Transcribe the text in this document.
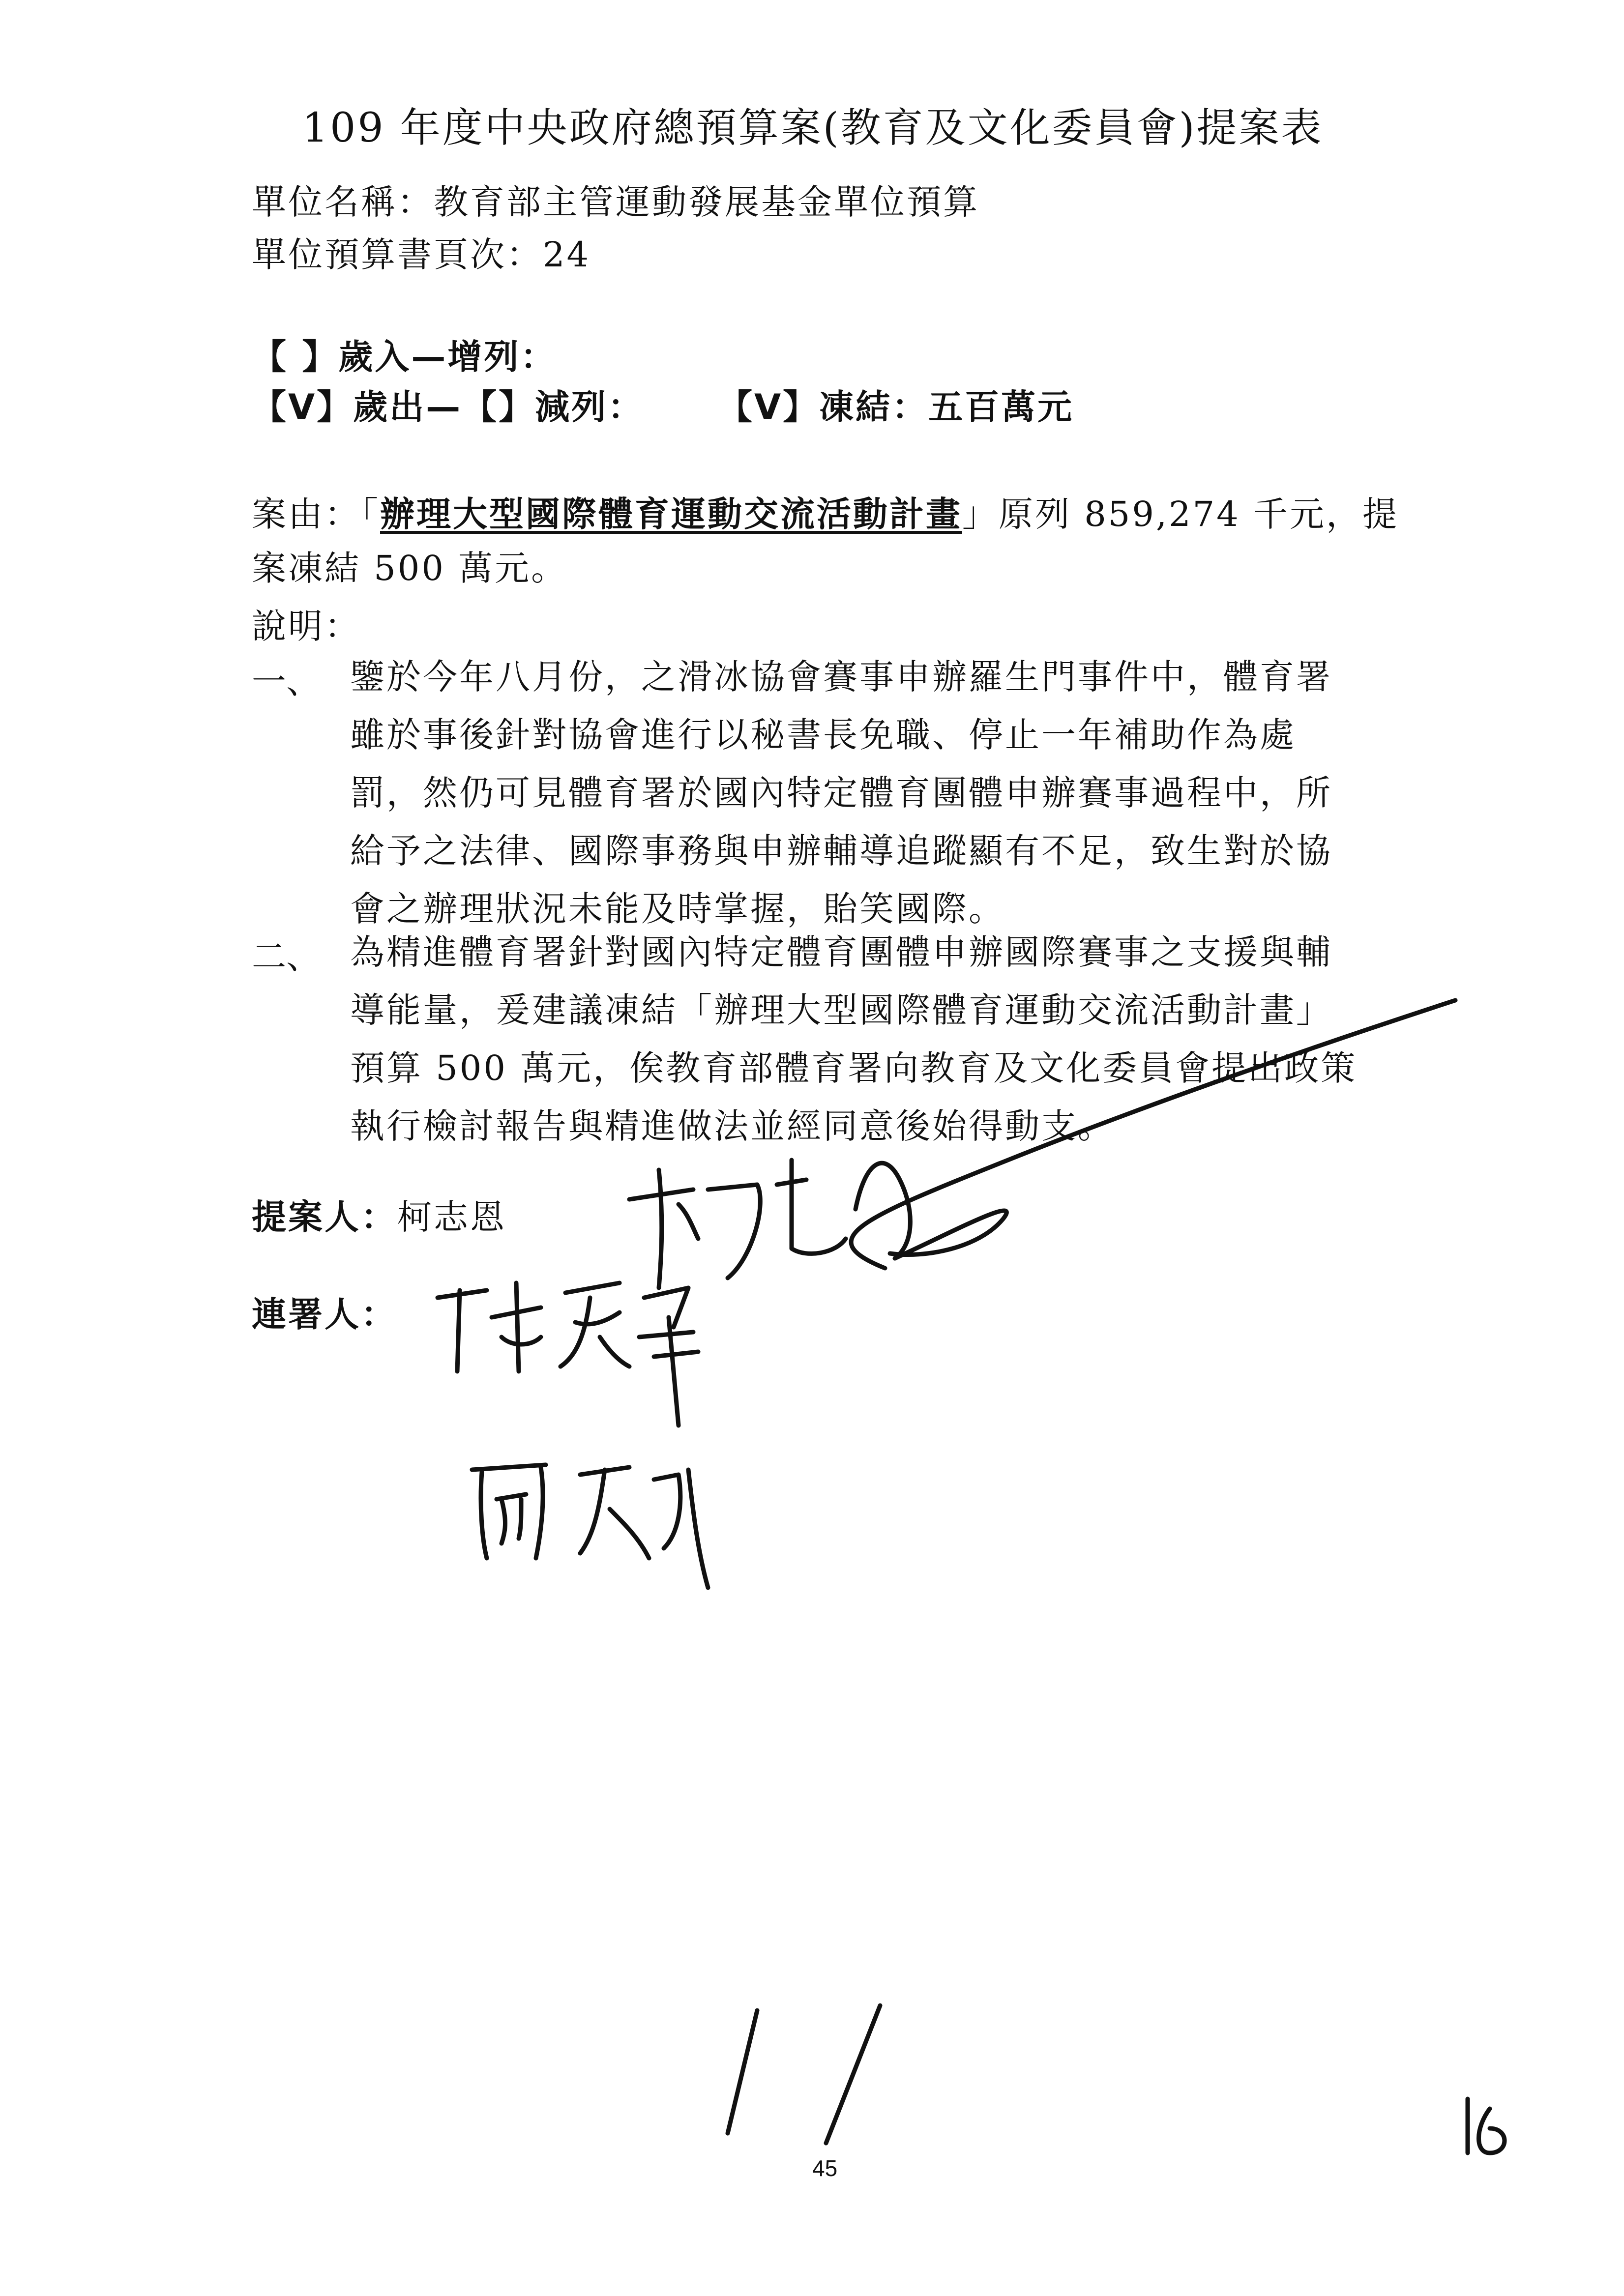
109 年度中央政府總預算案(教育及文化委員會)提案表
單位名稱：教育部主管運動發展基金單位預算
單位預算書頁次：24
【 】歲入—增列：
【V】歲出—【】減列： 【V】凍結：五百萬元
案由：「辦理大型國際體育運動交流活動計畫」原列 859,274 千元，提
案凍結 500 萬元。
說明：
一、 鑒於今年八月份，之滑冰協會賽事申辦羅生門事件中，體育署
雖於事後針對協會進行以秘書長免職、停止一年補助作為處
罰，然仍可見體育署於國內特定體育團體申辦賽事過程中，所
給予之法律、國際事務與申辦輔導追蹤顯有不足，致生對於協
會之辦理狀況未能及時掌握，貽笑國際。
二、 為精進體育署針對國內特定體育團體申辦國際賽事之支援與輔
導能量，爰建議凍結「辦理大型國際體育運動交流活動計畫」
預算 500 萬元，俟教育部體育署向教育及文化委員會提出政策
執行檢討報告與精進做法並經同意後始得動支。
提案人：柯志恩
連署人：
45
